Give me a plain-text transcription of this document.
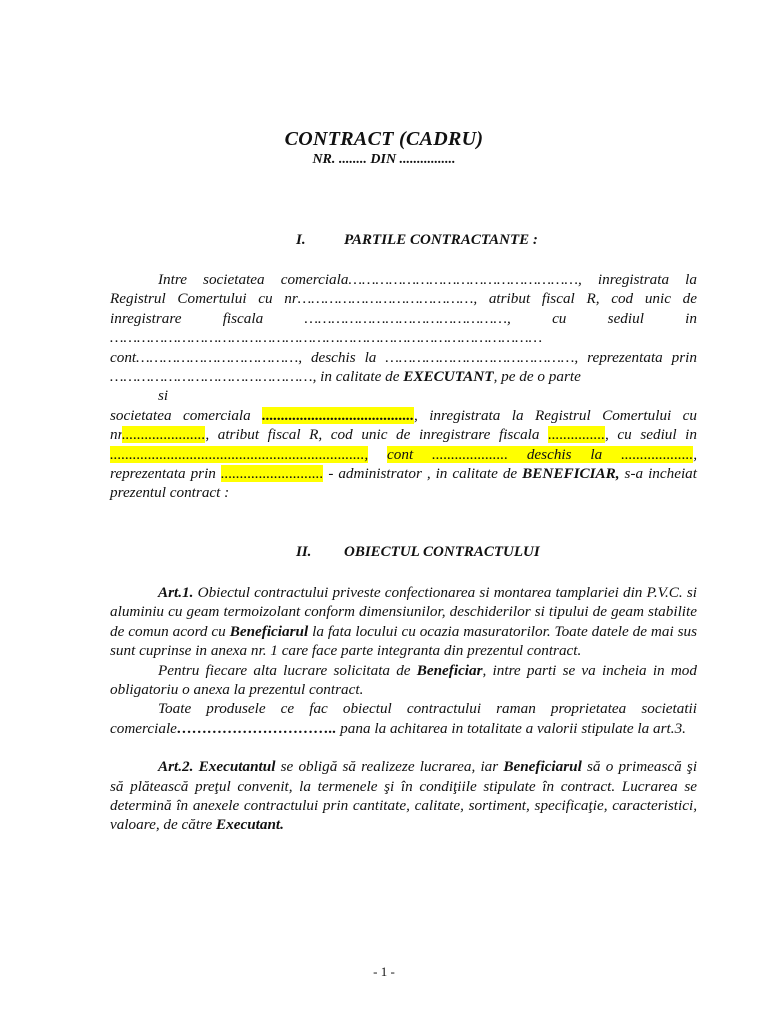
CONTRACT (CADRU)
NR. ........ DIN ................
I.	PARTILE CONTRACTANTE :

Intre societatea comerciala……………………………………………, inregistrata la Registrul Comertului cu nr…………………………………, atribut fiscal R, cod unic de inregistrare fiscala	………………………………………, cu sediul in ……………………………………………………………………………………cont………………………………, deschis la ……………………………………, reprezentata prin ………………………………………, in calitate de EXECUTANT, pe de o parte

si

societatea comerciala ........................................, inregistrata la Registrul Comertului cu nr......................, atribut fiscal R, cod unic de inregistrare fiscala ..............., cu sediul in ..................................................................., cont .................... deschis la ..................., reprezentata prin ........................... - administrator , in calitate de BENEFICIAR, s-a incheiat prezentul contract :

II. OBIECTUL CONTRACTULUI

Art.1. Obiectul contractului priveste confectionarea si montarea tamplariei din P.V.C. si aluminiu cu geam termoizolant conform dimensiunilor, deschiderilor si tipului de geam stabilite de comun acord cu Beneficiarul la fata locului cu ocazia masuratorilor. Toate datele de mai sus sunt cuprinse in anexa nr. 1 care face parte integranta din prezentul contract.

Pentru fiecare alta lucrare solicitata de Beneficiar, intre parti se va incheia in mod obligatoriu o anexa la prezentul contract.

Toate produsele ce fac obiectul contractului raman proprietatea societatii comerciale………………………….. pana la achitarea in totalitate a valorii stipulate la art.3.

Art.2. Executantul se obligă să realizeze lucrarea, iar Beneficiarul să o primească şi să plătească preţul convenit, la termenele şi în condiţiile stipulate în contract. Lucrarea se determină în anexele contractului prin cantitate, calitate, sortiment, specificaţie, caracteristici, valoare, de către Executant.

- 1 -
